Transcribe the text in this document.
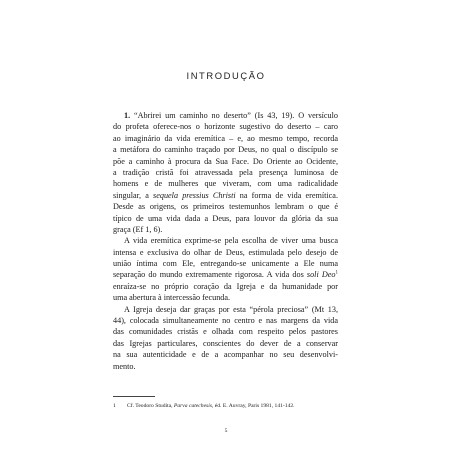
INTRODUÇÃO
1. “Abrirei um caminho no deserto” (Is 43, 19). O versículo
do profeta oferece-nos o horizonte sugestivo do deserto – caro
ao imaginário da vida eremítica – e, ao mesmo tempo, recorda
a metáfora do caminho traçado por Deus, no qual o discípulo se
põe a caminho à procura da Sua Face. Do Oriente ao Ocidente,
a tradição cristã foi atravessada pela presença luminosa de
homens e de mulheres que viveram, com uma radicalidade
singular, a sequela pressius Christi na forma de vida eremítica.
Desde as origens, os primeiros testemunhos lembram o que é
típico de uma vida dada a Deus, para louvor da glória da sua
graça (Ef 1, 6).
A vida eremítica exprime-se pela escolha de viver uma busca
intensa e exclusiva do olhar de Deus, estimulada pelo desejo de
união íntima com Ele, entregando-se unicamente a Ele numa
separação do mundo extremamente rigorosa. A vida dos soli Deo$^1$
enraíza-se no próprio coração da Igreja e da humanidade por
uma abertura à intercessão fecunda.
A Igreja deseja dar graças por esta “pérola preciosa” (Mt 13,
44), colocada simultaneamente no centro e nas margens da vida
das comunidades cristãs e olhada com respeito pelos pastores
das Igrejas particulares, conscientes do dever de a conservar
na sua autenticidade e de a acompanhar no seu desenvolvi-
mento.
1 Cf. Teodoro Studita, Parva catechesis, éd. E. Auvray, Paris 1981, 141-142.
5
